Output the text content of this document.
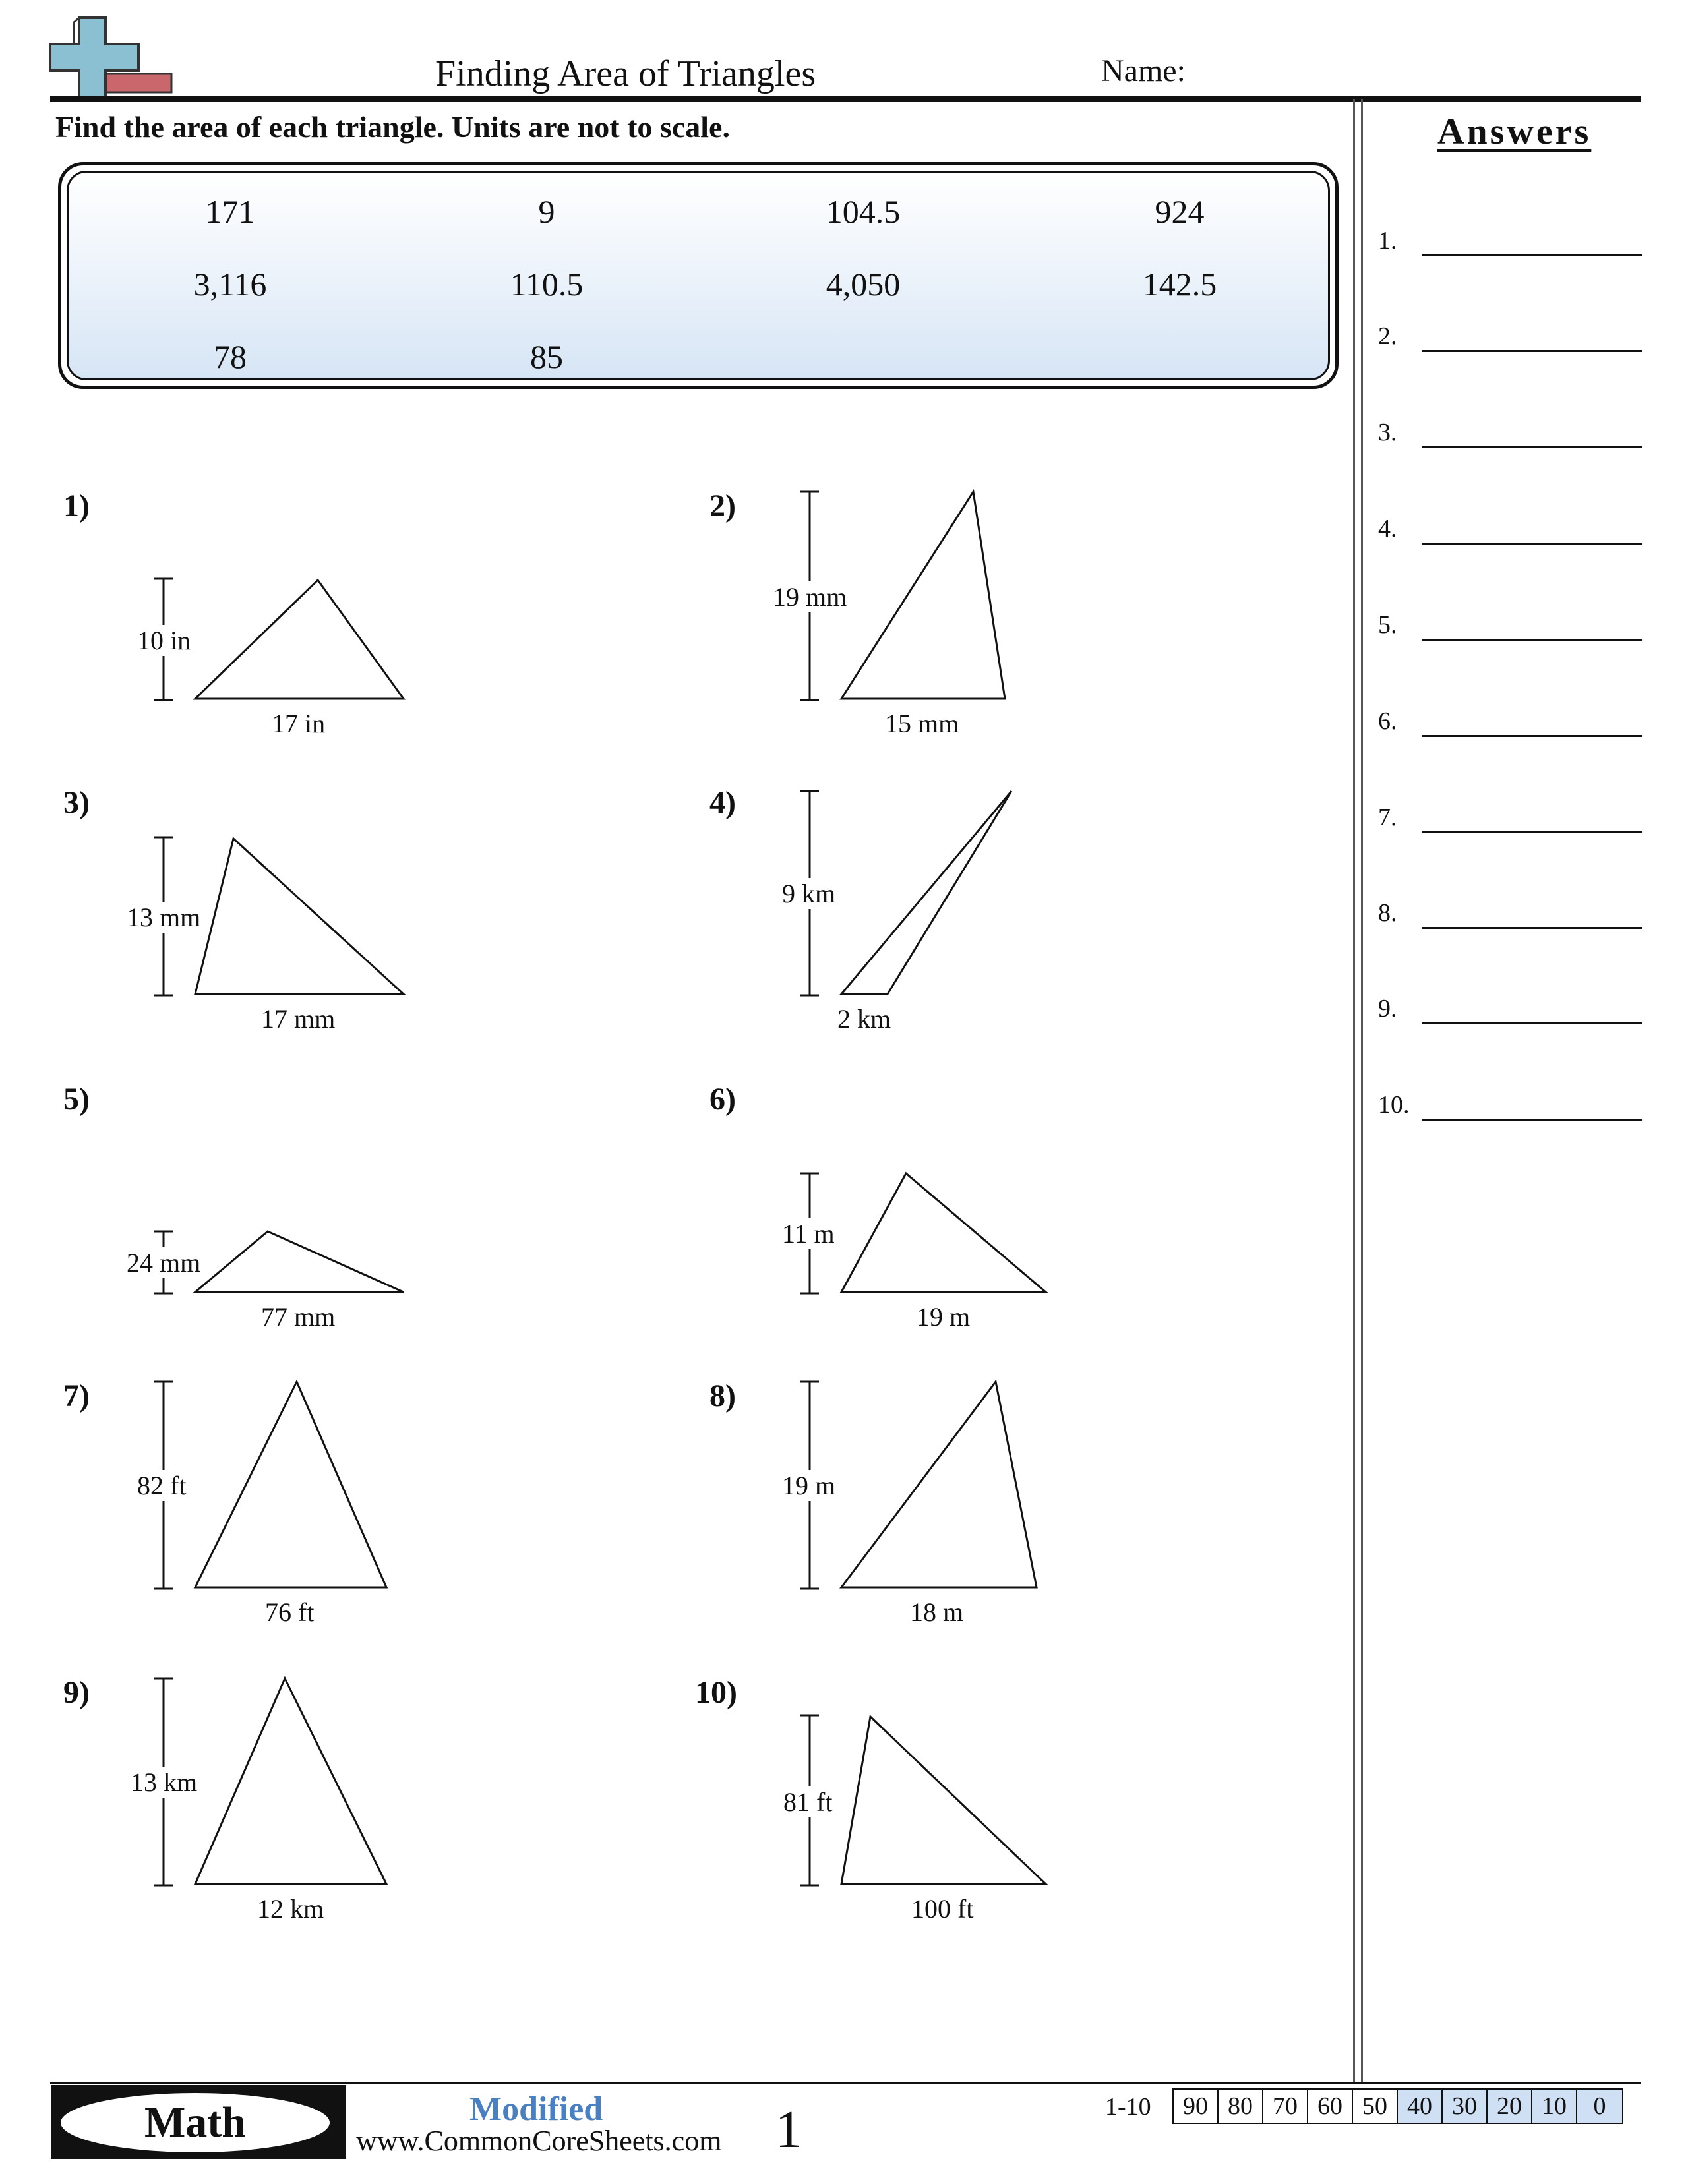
Finding Area of Triangles	Name:
Find the area of each triangle. Units are not to scale.
171	9	104.5	924
3,116	110.5	4,050	142.5
78	85
Answers
1.
2.
3.
4.
5.
6.
7.
8.
9.
10.
1)
10 in
17 in
2)
19 mm
15 mm
3)
13 mm
17 mm
4)
9 km
2 km
5)
24 mm
77 mm
6)
11 m
19 m
7)
82 ft
76 ft
8)
19 m
18 m
9)
13 km
12 km
10)
81 ft
100 ft
Math	Modified
www.CommonCoreSheets.com 1	1-10	90 80 70 60 50 40 30 20 10	0
